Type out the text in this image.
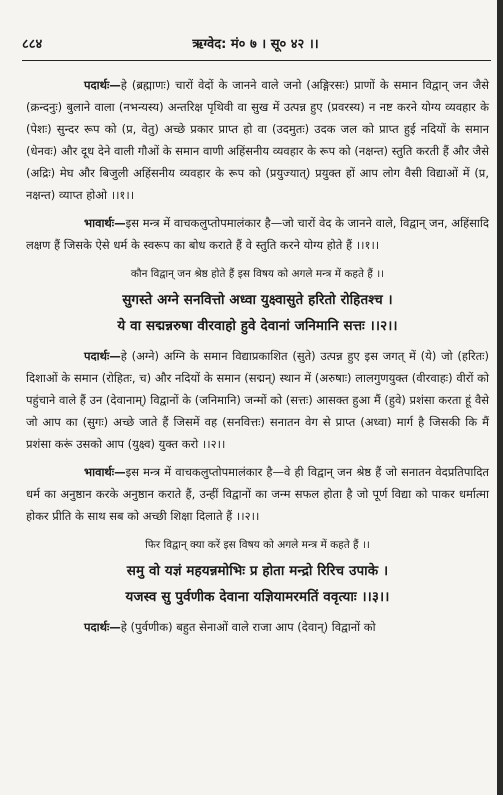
८८४	ऋग्वेद: मं० ७ । सू० ४२ ।।

पदार्थः—हे (ब्रह्माणः) चारों वेदों के जानने वाले जनो (अङ्गिरसः) प्राणों के समान विद्वान् जन जैसे (क्रन्दनुः) बुलाने वाला (नभन्यस्य) अन्तरिक्ष पृथिवी वा सुख में उत्पन्न हुए (प्रवरस्य) न नष्ट करने योग्य व्यवहार के (पेशः) सुन्दर रूप को (प्र, वेतु) अच्छे प्रकार प्राप्त हो वा (उदमुतः) उदक जल को प्राप्त हुई नदियों के समान (धेनवः) और दूध देने वाली गौओं के समान वाणी अहिंसनीय व्यवहार के रूप को (नक्षन्त) स्तुति करती हैं और जैसे (अद्रिः) मेघ और बिजुली अहिंसनीय व्यवहार के रूप को (प्रयुज्यात्) प्रयुक्त हों आप लोग वैसी विद्याओं में (प्र, नक्षन्त) व्याप्त होओ ।।१।।

भावार्थः—इस मन्त्र में वाचकलुप्तोपमालंकार है—जो चारों वेद के जानने वाले, विद्वान् जन, अहिंसादि लक्षण हैं जिसके ऐसे धर्म के स्वरूप का बोध कराते हैं वे स्तुति करने योग्य होते हैं ।।१।।

कौन विद्वान् जन श्रेष्ठ होते हैं इस विषय को अगले मन्त्र में कहते हैं ।।
सुगस्ते अग्ने सनवित्तो अध्वा युक्ष्वासुते हरितो रोहितश्च ।
ये वा सद्मन्नरुषा वीरवाहो हुवे देवानां जनिमानि सत्तः ।।२।।

पदार्थः—हे (अग्ने) अग्नि के समान विद्याप्रकाशित (सुते) उत्पन्न हुए इस जगत् में (ये) जो (हरितः) दिशाओं के समान (रोहितः, च) और नदियों के समान (सद्मन्) स्थान में (अरुषाः) लालगुणयुक्त (वीरवाहः) वीरों को पहुंचाने वाले हैं उन (देवानाम्) विद्वानों के (जनिमानि) जन्मों को (सत्तः) आसक्त हुआ मैं (हुवे) प्रशंसा करता हूं वैसे जो आप का (सुगः) अच्छे जाते हैं जिसमें वह (सनवित्तः) सनातन वेग से प्राप्त (अध्वा) मार्ग है जिसकी कि मैं प्रशंसा करूं उसको आप (युक्ष्व) युक्त करो ।।२।।

भावार्थः—इस मन्त्र में वाचकलुप्तोपमालंकार है—वे ही विद्वान् जन श्रेष्ठ हैं जो सनातन वेदप्रतिपादित धर्म का अनुष्ठान करके अनुष्ठान कराते हैं, उन्हीं विद्वानों का जन्म सफल होता है जो पूर्ण विद्या को पाकर धर्मात्मा होकर प्रीति के साथ सब को अच्छी शिक्षा दिलाते हैं ।।२।।

फिर विद्वान् क्या करें इस विषय को अगले मन्त्र में कहते हैं ।।
समु वो यज्ञं महयन्नमोभिः प्र होता मन्द्रो रिरिच उपाके ।
यजस्व सु पुर्वणीक देवाना यज्ञियामरमतिं ववृत्याः ।।३।।

पदार्थः—हे (पुर्वणीक) बहुत सेनाओं वाले राजा आप (देवान्) विद्वानों को
